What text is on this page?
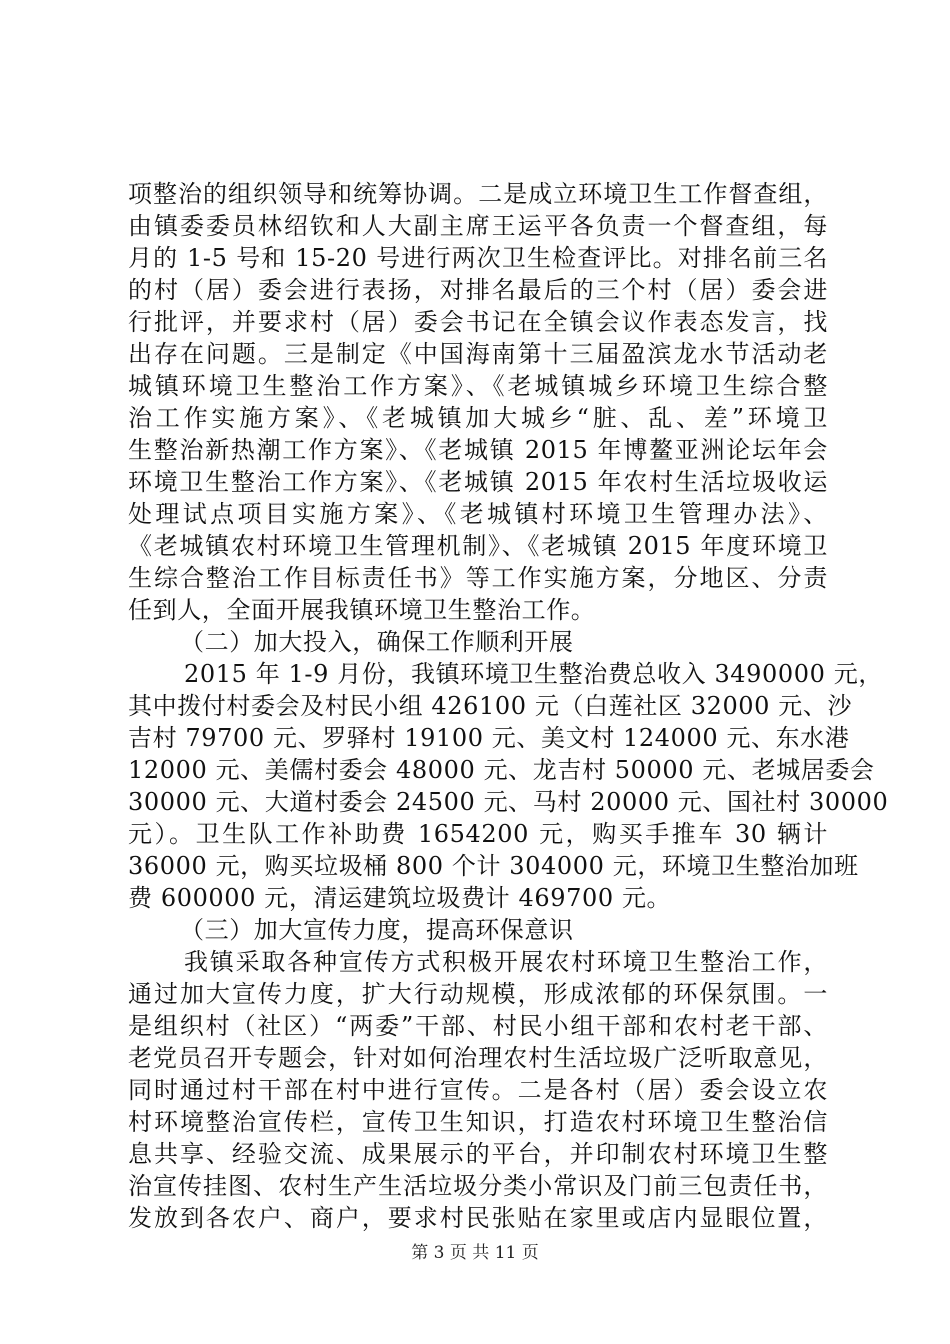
项整治的组织领导和统筹协调。二是成立环境卫生工作督查组，
由镇委委员林绍钦和人大副主席王运平各负责一个督查组，每
月的 1-5 号和 15-20 号进行两次卫生检查评比。对排名前三名
的村（居）委会进行表扬，对排名最后的三个村（居）委会进
行批评，并要求村（居）委会书记在全镇会议作表态发言，找
出存在问题。三是制定《中国海南第十三届盈滨龙水节活动老
城镇环境卫生整治工作方案》、《老城镇城乡环境卫生综合整
治工作实施方案》、《老城镇加大城乡“脏、乱、差”环境卫
生整治新热潮工作方案》、《老城镇 2015 年博鳌亚洲论坛年会
环境卫生整治工作方案》、《老城镇 2015 年农村生活垃圾收运
处理试点项目实施方案》、《老城镇村环境卫生管理办法》、
《老城镇农村环境卫生管理机制》、《老城镇 2015 年度环境卫
生综合整治工作目标责任书》等工作实施方案，分地区、分责
任到人，全面开展我镇环境卫生整治工作。
（二）加大投入，确保工作顺利开展
2015 年 1-9 月份，我镇环境卫生整治费总收入 3490000 元，
其中拨付村委会及村民小组 426100 元（白莲社区 32000 元、沙
吉村 79700 元、罗驿村 19100 元、美文村 124000 元、东水港
12000 元、美儒村委会 48000 元、龙吉村 50000 元、老城居委会
30000 元、大道村委会 24500 元、马村 20000 元、国社村 30000
元）。卫生队工作补助费 1654200 元，购买手推车 30 辆计
36000 元，购买垃圾桶 800 个计 304000 元，环境卫生整治加班
费 600000 元，清运建筑垃圾费计 469700 元。
（三）加大宣传力度，提高环保意识
我镇采取各种宣传方式积极开展农村环境卫生整治工作，
通过加大宣传力度，扩大行动规模，形成浓郁的环保氛围。一
是组织村（社区）“两委”干部、村民小组干部和农村老干部、
老党员召开专题会，针对如何治理农村生活垃圾广泛听取意见，
同时通过村干部在村中进行宣传。二是各村（居）委会设立农
村环境整治宣传栏，宣传卫生知识，打造农村环境卫生整治信
息共享、经验交流、成果展示的平台，并印制农村环境卫生整
治宣传挂图、农村生产生活垃圾分类小常识及门前三包责任书，
发放到各农户、商户，要求村民张贴在家里或店内显眼位置，
第 3 页 共 11 页
